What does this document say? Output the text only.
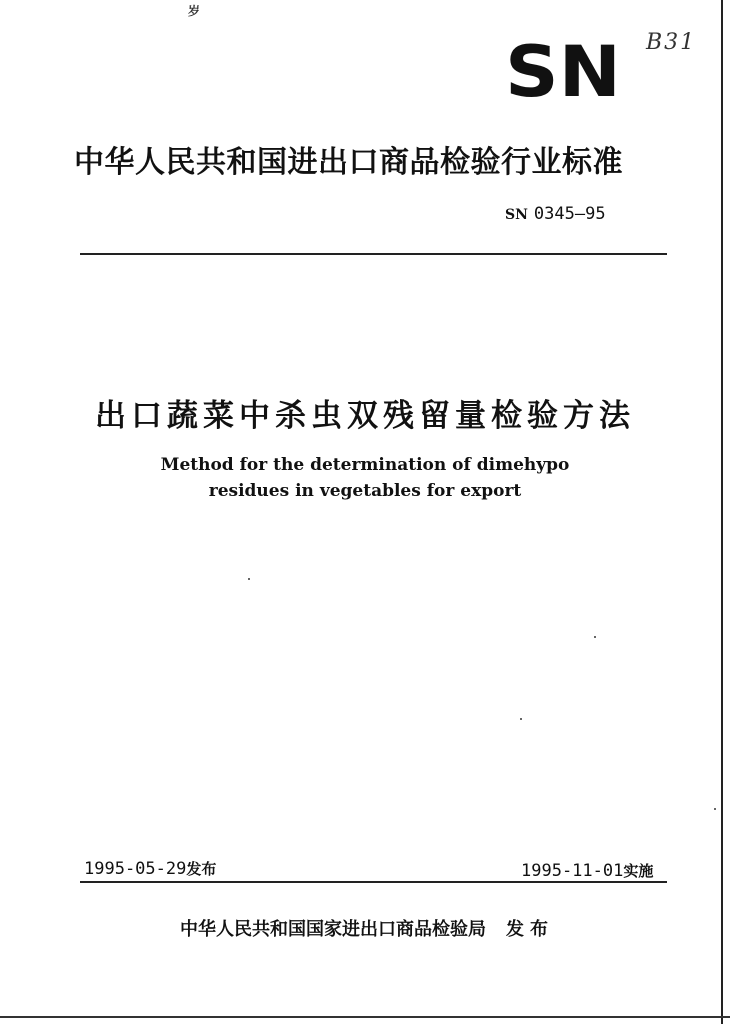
岁
B31
SN
中华人民共和国进出口商品检验行业标准
SN 0345—95
出口蔬菜中杀虫双残留量检验方法
Method for the determination of dimehypo
residues in vegetables for export
1995-05-29发布	1995-11-01实施
中华人民共和国国家进出口商品检验局 发布
